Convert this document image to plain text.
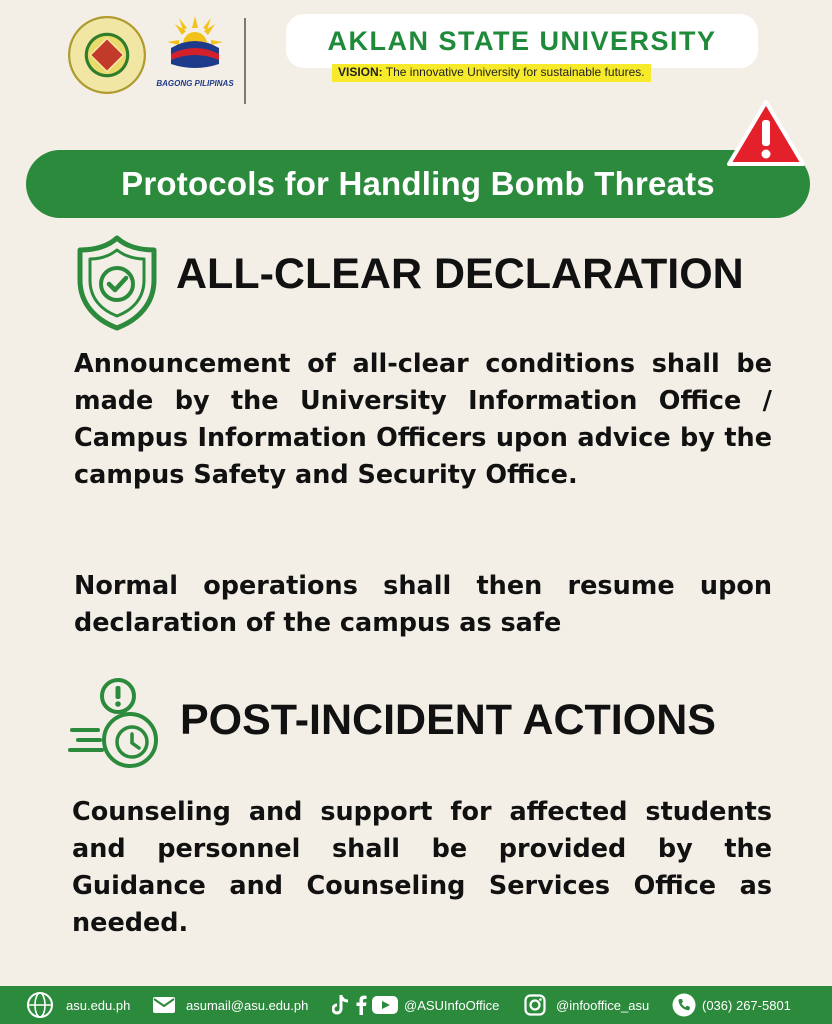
BAGONG PILIPINAS
AKLAN STATE UNIVERSITY
VISION: The innovative University for sustainable futures.
Protocols for Handling Bomb Threats
ALL-CLEAR DECLARATION

Announcement of all-clear conditions shall be made by the University Information Office / Campus Information Officers upon advice by the campus Safety and Security Office.

Normal operations shall then resume upon declaration of the campus as safe

POST-INCIDENT ACTIONS

Counseling and support for affected students and personnel shall be provided by the Guidance and Counseling Services Office as needed.

asu.edu.ph	asumail@asu.edu.ph	@ASUInfoOffice	@infooffice_asu	(036) 267-5801
